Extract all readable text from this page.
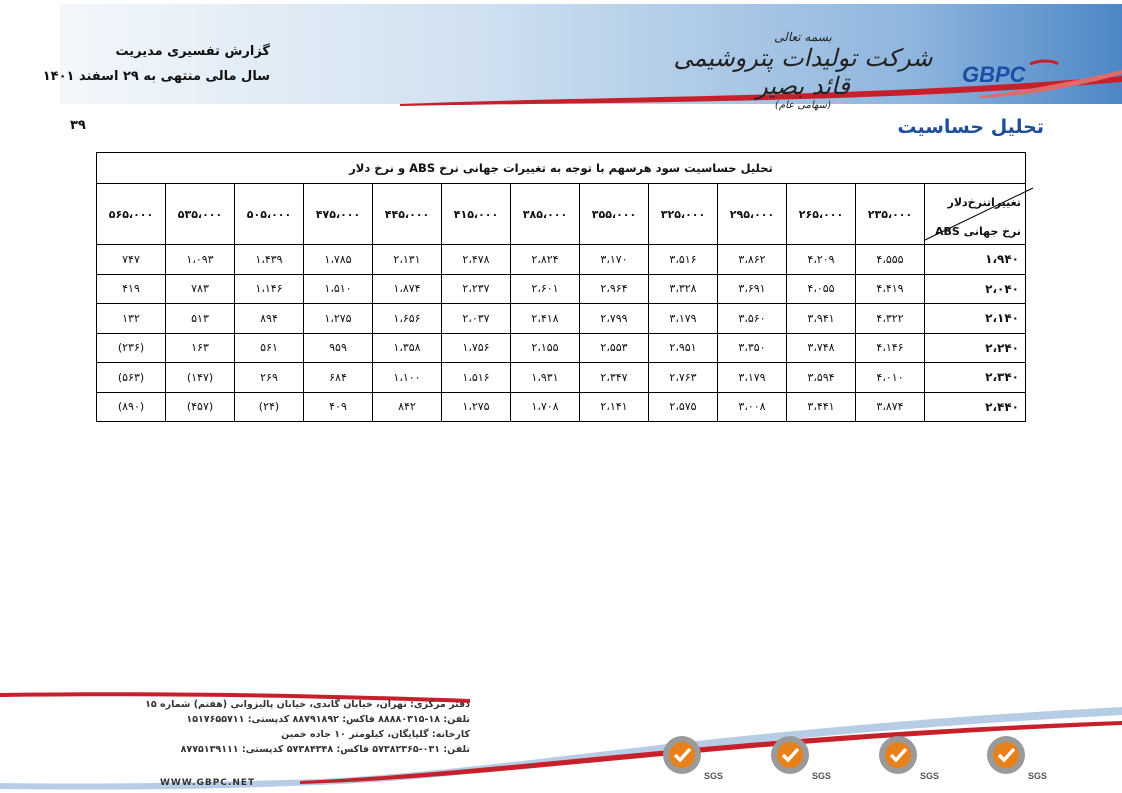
گزارش تفسیری مدیریت
سال مالی منتهی به ۲۹ اسفند ۱۴۰۱
بسمه تعالی
شرکت تولیدات پتروشیمی قائد بصیر
(سهامی عام)
GBPC
۳۹	تحلیل حساسیت
تحلیل حساسیت سود هرسهم با توجه به تغییرات جهانی نرخ ABS و نرخ دلار												

تغییراتنرخ‌دلار
نرخ جهانی ABS	۲۳۵،۰۰۰	۲۶۵،۰۰۰	۲۹۵،۰۰۰	۳۲۵،۰۰۰	۳۵۵،۰۰۰	۳۸۵،۰۰۰	۴۱۵،۰۰۰	۴۴۵،۰۰۰	۴۷۵،۰۰۰	۵۰۵،۰۰۰	۵۳۵،۰۰۰	۵۶۵،۰۰۰
۱،۹۴۰	۴،۵۵۵	۴،۲۰۹	۳،۸۶۲	۳،۵۱۶	۳،۱۷۰	۲،۸۲۴	۲،۴۷۸	۲،۱۳۱	۱،۷۸۵	۱،۴۳۹	۱،۰۹۳	۷۴۷
۲،۰۴۰	۴،۴۱۹	۴،۰۵۵	۳،۶۹۱	۳،۳۲۸	۲،۹۶۴	۲،۶۰۱	۲،۲۳۷	۱،۸۷۴	۱،۵۱۰	۱،۱۴۶	۷۸۳	۴۱۹
۲،۱۴۰	۴،۳۲۲	۳،۹۴۱	۳،۵۶۰	۳،۱۷۹	۲،۷۹۹	۲،۴۱۸	۲،۰۳۷	۱،۶۵۶	۱،۲۷۵	۸۹۴	۵۱۳	۱۳۲
۲،۲۴۰	۴،۱۴۶	۳،۷۴۸	۳،۳۵۰	۲،۹۵۱	۲،۵۵۳	۲،۱۵۵	۱،۷۵۶	۱،۳۵۸	۹۵۹	۵۶۱	۱۶۳	(۲۳۶)
۲،۳۴۰	۴،۰۱۰	۳،۵۹۴	۳،۱۷۹	۲،۷۶۳	۲،۳۴۷	۱،۹۳۱	۱،۵۱۶	۱،۱۰۰	۶۸۴	۲۶۹	(۱۴۷)	(۵۶۳)
۲،۴۴۰	۳،۸۷۴	۳،۴۴۱	۳،۰۰۸	۲،۵۷۵	۲،۱۴۱	۱،۷۰۸	۱،۲۷۵	۸۴۲	۴۰۹	(۲۴)	(۴۵۷)	(۸۹۰)
دفتر مرکزی: تهران، خیابان گاندی، خیابان پالیزوانی (هفتم) شماره ۱۵
تلفن: ۱۸-۸۸۸۸۰۳۱۵ فاکس: ۸۸۷۹۱۸۹۲ کدپستی: ۱۵۱۷۶۵۵۷۱۱
کارخانه: گلپایگان، کیلومتر ۱۰ جاده خمین
تلفن: ۰۳۱-۵۷۳۸۲۳۶۵ فاکس: ۵۷۳۸۴۳۴۸ کدپستی: ۸۷۷۵۱۳۹۱۱۱
WWW.GBPC.NET
SGS	SGS	SGS	SGS
